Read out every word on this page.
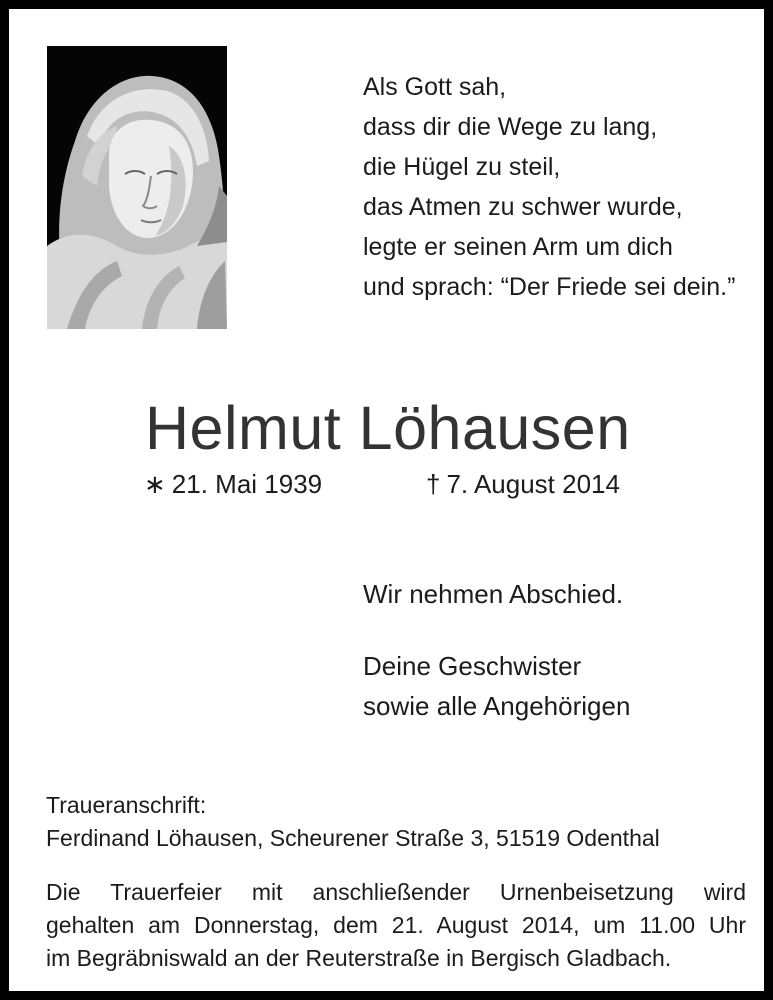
Als Gott sah,
dass dir die Wege zu lang,
die Hügel zu steil,
das Atmen zu schwer wurde,
legte er seinen Arm um dich
und sprach: “Der Friede sei dein.”
Helmut Löhausen
∗ 21. Mai 1939	† 7. August 2014
Wir nehmen Abschied.
Deine Geschwister
sowie alle Angehörigen
Traueranschrift:
Ferdinand Löhausen, Scheurener Straße 3, 51519 Odenthal
Die Trauerfeier mit anschließender Urnenbeisetzung wird
gehalten am Donnerstag, dem 21. August 2014, um 11.00 Uhr
im Begräbniswald an der Reuterstraße in Bergisch Gladbach.
